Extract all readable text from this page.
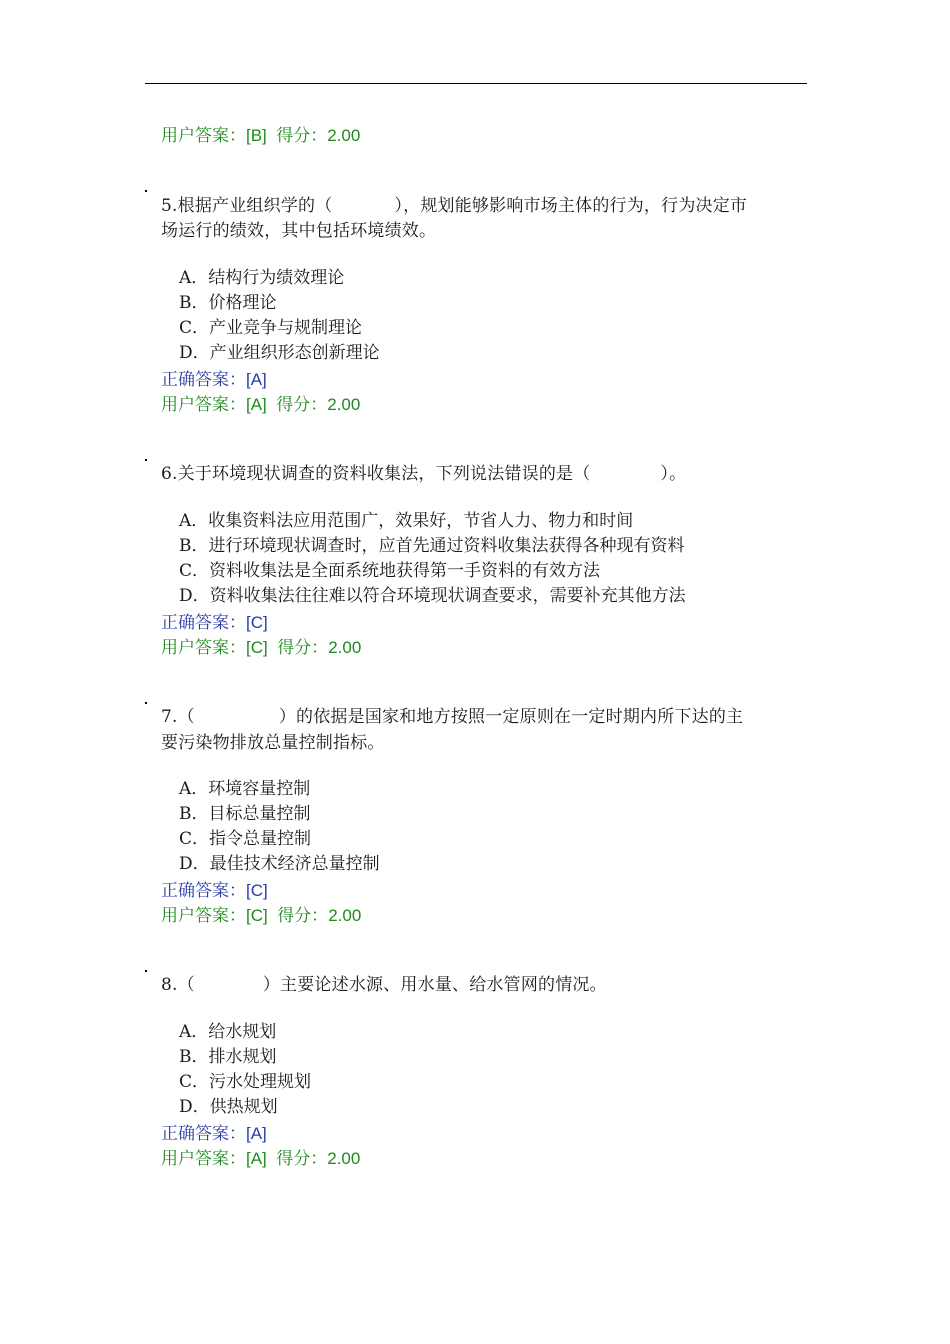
用户答案：[B] 得分：2.00
5.根据产业组织学的（	），规划能够影响市场主体的行为，行为决定市
场运行的绩效，其中包括环境绩效。
A．结构行为绩效理论
B．价格理论
C．产业竞争与规制理论
D．产业组织形态创新理论
正确答案：[A]
用户答案：[A] 得分：2.00
6.关于环境现状调查的资料收集法，下列说法错误的是（	）。
A．收集资料法应用范围广，效果好，节省人力、物力和时间
B．进行环境现状调查时，应首先通过资料收集法获得各种现有资料
C．资料收集法是全面系统地获得第一手资料的有效方法
D．资料收集法往往难以符合环境现状调查要求，需要补充其他方法
正确答案：[C]
用户答案：[C] 得分：2.00
7.（	）的依据是国家和地方按照一定原则在一定时期内所下达的主
要污染物排放总量控制指标。
A．环境容量控制
B．目标总量控制
C．指令总量控制
D．最佳技术经济总量控制
正确答案：[C]
用户答案：[C] 得分：2.00
8.（	）主要论述水源、用水量、给水管网的情况。
A．给水规划
B．排水规划
C．污水处理规划
D．供热规划
正确答案：[A]
用户答案：[A] 得分：2.00
